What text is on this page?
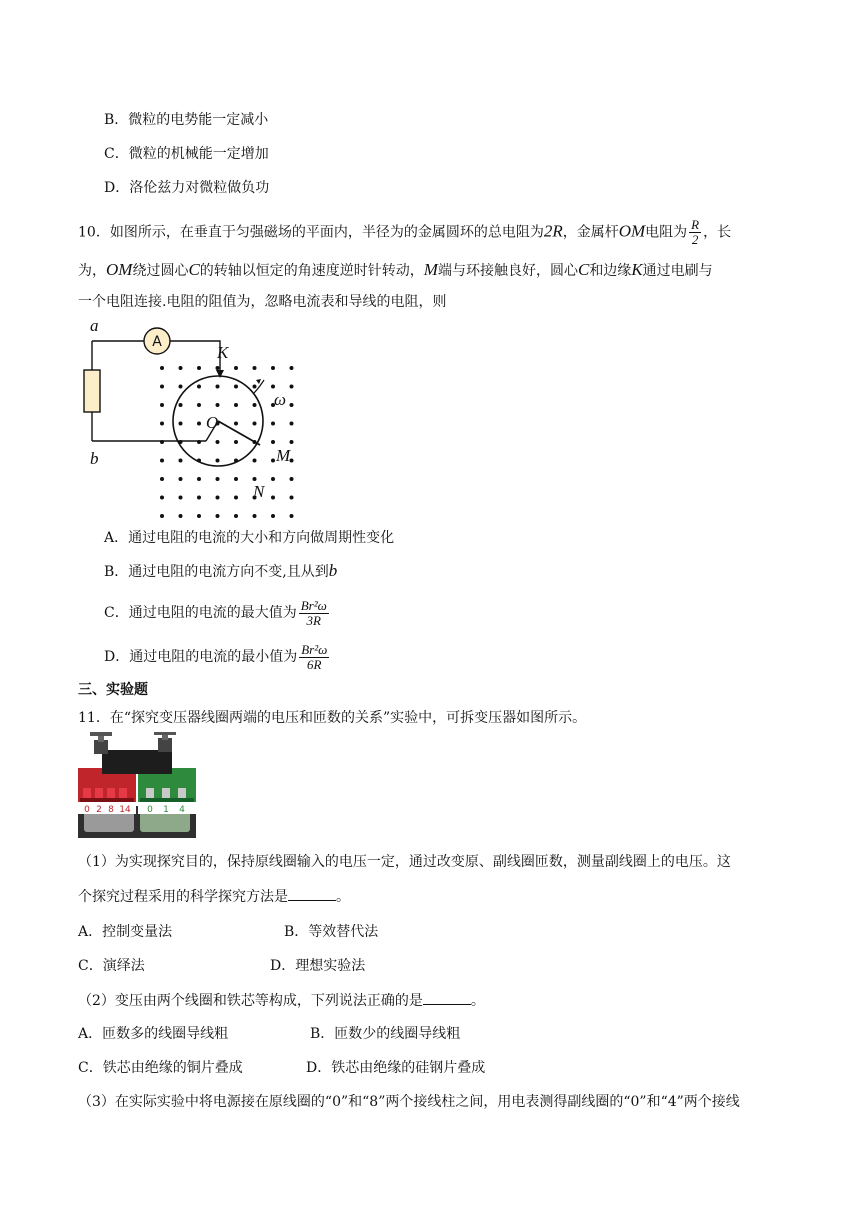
B．微粒的电势能一定减小
C．微粒的机械能一定增加
D．洛伦兹力对微粒做负功
10．如图所示，在垂直于匀强磁场的平面内，半径为的金属圆环的总电阻为2R，金属杆OM电阻为 $\frac{R}{2}$ ，长
为，OM绕过圆心C的转轴以恒定的角速度逆时针转动，M端与环接触良好，圆心C和边缘K通过电刷与
一个电阻连接.电阻的阻值为，忽略电流表和导线的电阻，则
A
a
b
K
O
ω
M
N
A．通过电阻的电流的大小和方向做周期性变化
B．通过电阻的电流方向不变,且从到b
C．通过电阻的电流的最大值为 $\frac{\text{Br²ω}}{3R}$
D．通过电阻的电流的最小值为 $\frac{\text{Br²ω}}{6R}$
三、实验题
11．在“探究变压器线圈两端的电压和匝数的关系”实验中，可拆变压器如图所示。
0 2 8 14 0 1 4
（1）为实现探究目的，保持原线圈输入的电压一定，通过改变原、副线圈匝数，测量副线圈上的电压。这
个探究过程采用的科学探究方法是	。
A．控制变量法	B．等效替代法
C．演绎法	D．理想实验法
（2）变压由两个线圈和铁芯等构成，下列说法正确的是	。
A．匝数多的线圈导线粗	B．匝数少的线圈导线粗
C．铁芯由绝缘的铜片叠成	D．铁芯由绝缘的硅钢片叠成
（3）在实际实验中将电源接在原线圈的“0”和“8”两个接线柱之间，用电表测得副线圈的“0”和“4”两个接线
